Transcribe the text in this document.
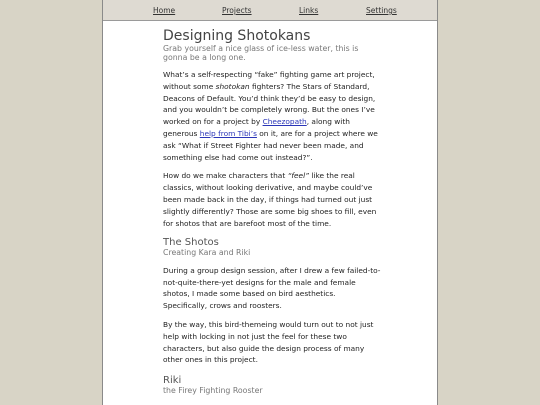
Home	Projects	Links	Settings
Designing Shotokans
Grab yourself a nice glass of ice-less water, this is gonna be a long one.

What’s a self-respecting “fake” fighting game art project, without some shotokan fighters? The Stars of Standard, Deacons of Default. You’d think they’d be easy to design, and you wouldn’t be completely wrong. But the ones I’ve worked on for a project by Cheezopath, along with generous help from Tibi’s on it, are for a project where we ask “What if Street Fighter had never been made, and something else had come out instead?”.

How do we make characters that “feel” like the real classics, without looking derivative, and maybe could’ve been made back in the day, if things had turned out just slightly differently? Those are some big shoes to fill, even for shotos that are barefoot most of the time.

The Shotos
Creating Kara and Riki

During a group design session, after I drew a few failed-to-not-quite-there-yet designs for the male and female shotos, I made some based on bird aesthetics. Specifically, crows and roosters.

By the way, this bird-themeing would turn out to not just help with locking in not just the feel for these two characters, but also guide the design process of many other ones in this project.

Riki
the Firey Fighting Rooster
